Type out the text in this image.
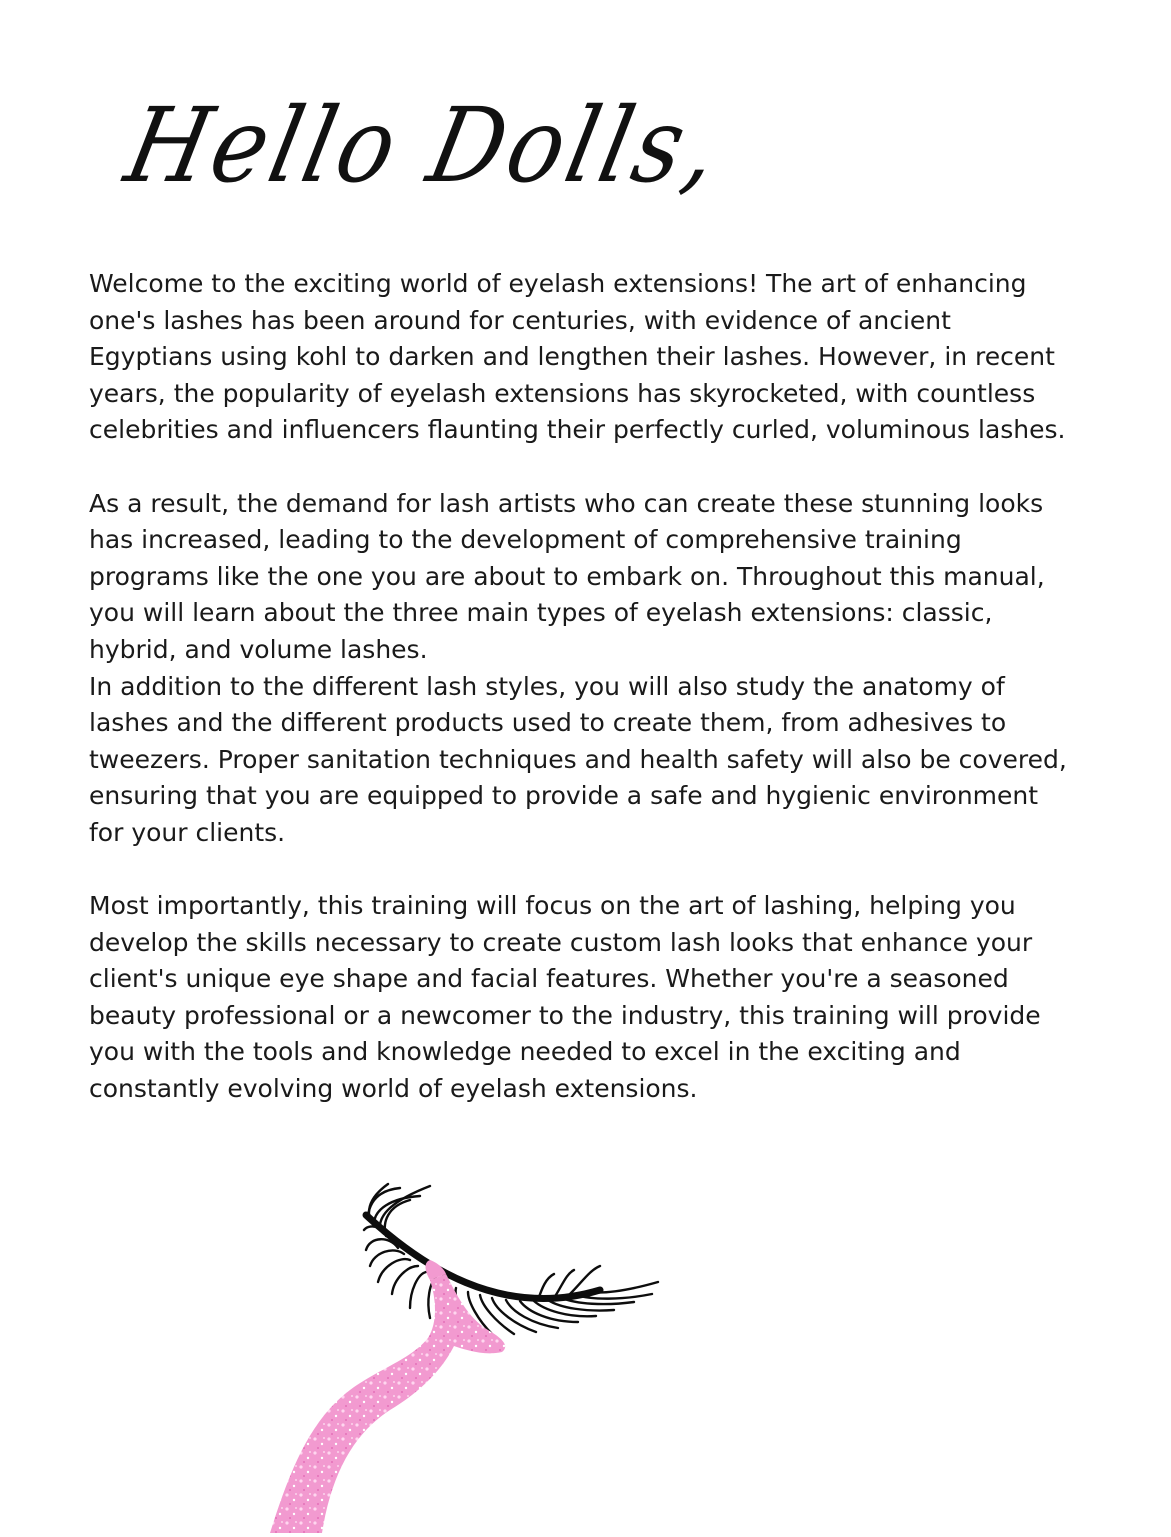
Hello Dolls,

Welcome to the exciting world of eyelash extensions! The art of enhancing one's lashes has been around for centuries, with evidence of ancient Egyptians using kohl to darken and lengthen their lashes. However, in recent years, the popularity of eyelash extensions has skyrocketed, with countless celebrities and influencers flaunting their perfectly curled, voluminous lashes.

As a result, the demand for lash artists who can create these stunning looks has increased, leading to the development of comprehensive training programs like the one you are about to embark on. Throughout this manual, you will learn about the three main types of eyelash extensions: classic, hybrid, and volume lashes.

In addition to the different lash styles, you will also study the anatomy of lashes and the different products used to create them, from adhesives to tweezers. Proper sanitation techniques and health safety will also be covered, ensuring that you are equipped to provide a safe and hygienic environment for your clients.

Most importantly, this training will focus on the art of lashing, helping you develop the skills necessary to create custom lash looks that enhance your client's unique eye shape and facial features. Whether you're a seasoned beauty professional or a newcomer to the industry, this training will provide you with the tools and knowledge needed to excel in the exciting and constantly evolving world of eyelash extensions.
